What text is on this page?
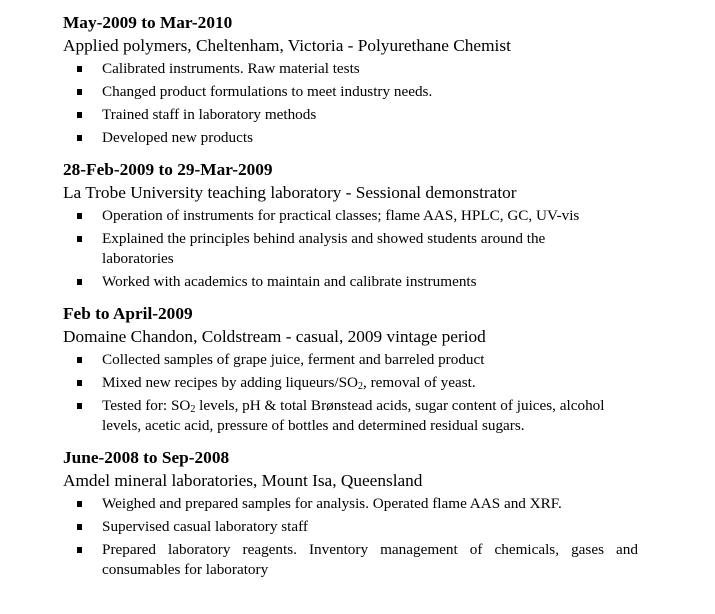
May-2009 to Mar-2010
Applied polymers, Cheltenham, Victoria - Polyurethane Chemist
Calibrated instruments. Raw material tests
Changed product formulations to meet industry needs.
Trained staff in laboratory methods
Developed new products
28-Feb-2009 to 29-Mar-2009
La Trobe University teaching laboratory - Sessional demonstrator
Operation of instruments for practical classes; flame AAS, HPLC, GC, UV-vis
Explained the principles behind analysis and showed students around the laboratories
Worked with academics to maintain and calibrate instruments
Feb to April-2009
Domaine Chandon, Coldstream - casual, 2009 vintage period
Collected samples of grape juice, ferment and barreled product
Mixed new recipes by adding liqueurs/$SO_2$, removal of yeast.
Tested for: $SO_2$ levels, pH & total Brønstead acids, sugar content of juices, alcohol levels, acetic acid, pressure of bottles and determined residual sugars.
June-2008 to Sep-2008
Amdel mineral laboratories, Mount Isa, Queensland
Weighed and prepared samples for analysis. Operated flame AAS and XRF.
Supervised casual laboratory staff
Prepared laboratory reagents. Inventory management of chemicals, gases and consumables for laboratory
